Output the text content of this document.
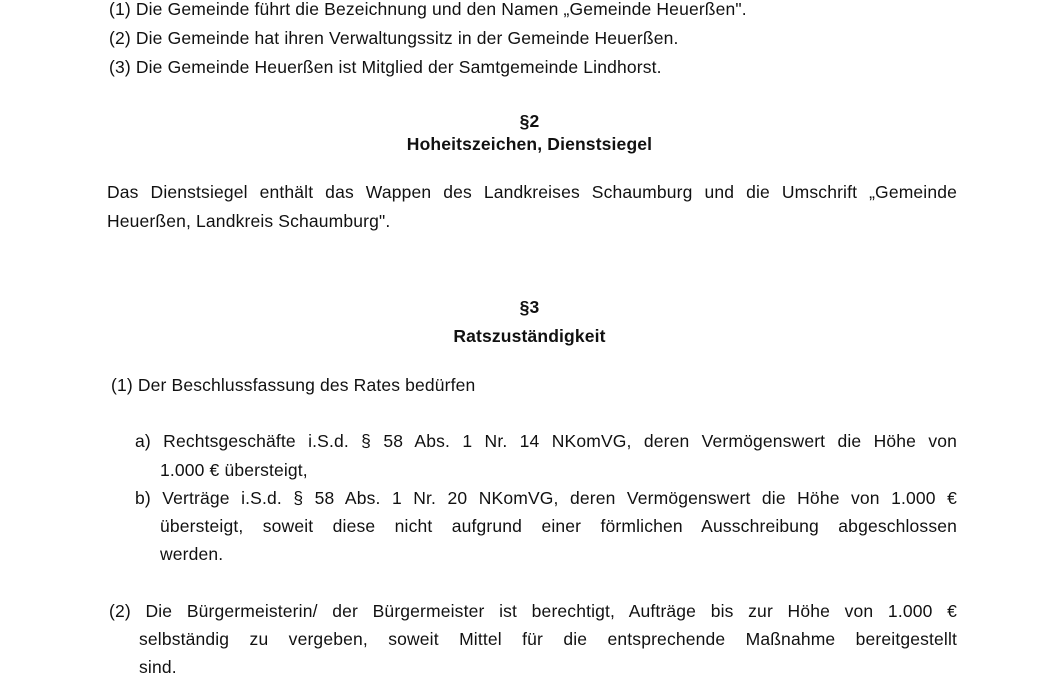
(1) Die Gemeinde führt die Bezeichnung und den Namen „Gemeinde Heuerßen".
(2) Die Gemeinde hat ihren Verwaltungssitz in der Gemeinde Heuerßen.
(3) Die Gemeinde Heuerßen ist Mitglied der Samtgemeinde Lindhorst.
§2
Hoheitszeichen, Dienstsiegel
Das Dienstsiegel enthält das Wappen des Landkreises Schaumburg und die Umschrift „Gemeinde
Heuerßen, Landkreis Schaumburg".
§3
Ratszuständigkeit
(1) Der Beschlussfassung des Rates bedürfen
a) Rechtsgeschäfte i.S.d. § 58 Abs. 1 Nr. 14 NKomVG, deren Vermögenswert die Höhe von
1.000 € übersteigt,
b) Verträge i.S.d. § 58 Abs. 1 Nr. 20 NKomVG, deren Vermögenswert die Höhe von 1.000 €
übersteigt, soweit diese nicht aufgrund einer förmlichen Ausschreibung abgeschlossen
werden.
(2) Die Bürgermeisterin/ der Bürgermeister ist berechtigt, Aufträge bis zur Höhe von 1.000 €
selbständig zu vergeben, soweit Mittel für die entsprechende Maßnahme bereitgestellt
sind.
